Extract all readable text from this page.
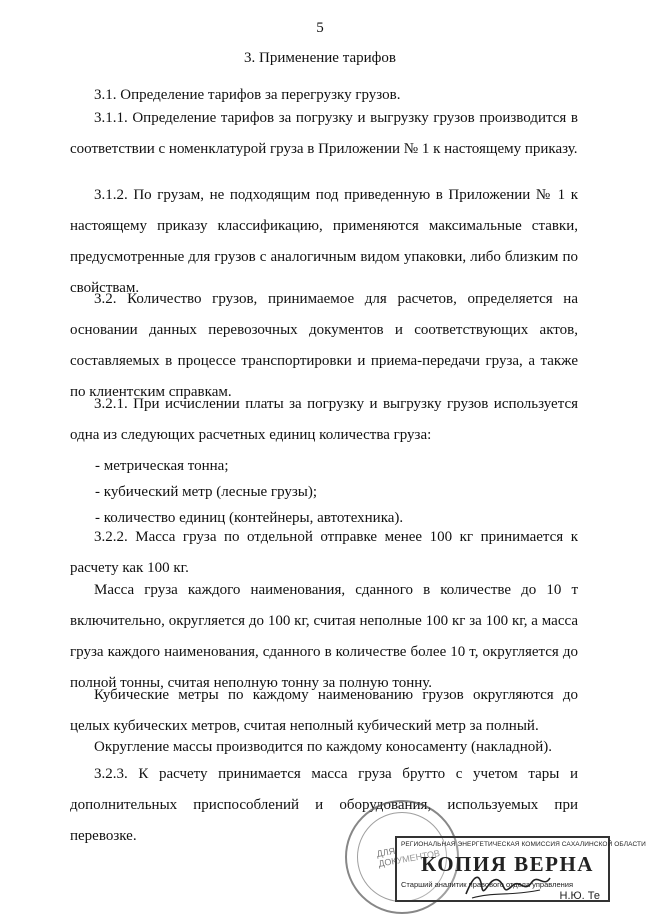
5
3. Применение тарифов

3.1. Определение тарифов за перегрузку грузов.

3.1.1. Определение тарифов за погрузку и выгрузку грузов производится в соответствии с номенклатурой груза в Приложении № 1 к настоящему приказу.

3.1.2. По грузам, не подходящим под приведенную в Приложении № 1 к настоящему приказу классификацию, применяются максимальные ставки, предусмотренные для грузов с аналогичным видом упаковки, либо близким по свойствам.

3.2. Количество грузов, принимаемое для расчетов, определяется на основании данных перевозочных документов и соответствующих актов, составляемых в процессе транспортировки и приема-передачи груза, а также по клиентским справкам.

3.2.1. При исчислении платы за погрузку и выгрузку грузов используется одна из следующих расчетных единиц количества груза:

- метрическая тонна;
- кубический метр (лесные грузы);
- количество единиц (контейнеры, автотехника).

3.2.2. Масса груза по отдельной отправке менее 100 кг принимается к расчету как 100 кг.

Масса груза каждого наименования, сданного в количестве до 10 т включительно, округляется до 100 кг, считая неполные 100 кг за 100 кг, а масса груза каждого наименования, сданного в количестве более 10 т, округляется до полной тонны, считая неполную тонну за полную тонну.

Кубические метры по каждому наименованию грузов округляются до целых кубических метров, считая неполный кубический метр за полный.

Округление массы производится по каждому коносаменту (накладной).

3.2.3. К расчету принимается масса груза брутто с учетом тары и дополнительных приспособлений и оборудования, используемых при перевозке.

ДЛЯ ДОКУМЕНТОВ
РЕГИОНАЛЬНАЯ ЭНЕРГЕТИЧЕСКАЯ КОМИССИЯ САХАЛИНСКОЙ ОБЛАСТИ
КОПИЯ ВЕРНА
Старший аналитик правового отдела управления
Н.Ю. Те
